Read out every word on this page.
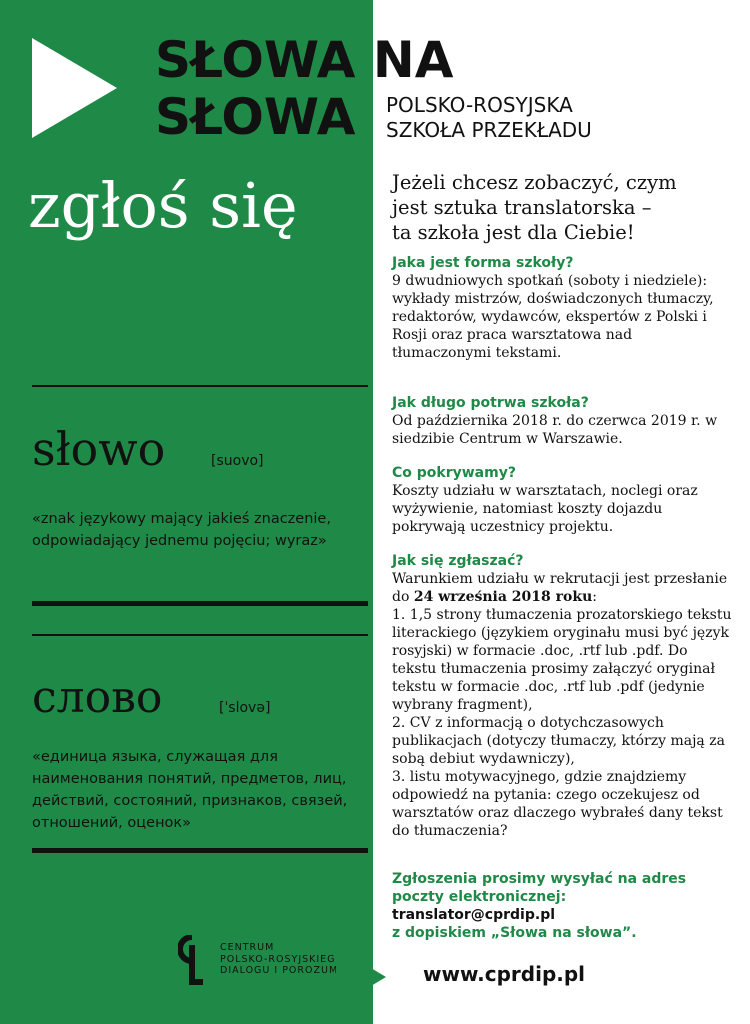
SŁOWA NA
SŁOWA POLSKO-ROSYJSKA
SZKOŁA PRZEKŁADU
zgłoś się
słowo	[suovo]
«znak językowy mający jakieś znaczenie, odpowiadający jednemu pojęciu; wyraz»
слово	[ˈslovə]
«единица языка, служащая для наименования понятий, предметов, лиц, действий, состояний, признаков, связей, отношений, оценок»
Jeżeli chcesz zobaczyć, czym
jest sztuka translatorska –
ta szkoła jest dla Ciebie!
Jaka jest forma szkoły?
9 dwudniowych spotkań (soboty i niedziele): wykłady mistrzów, doświadczonych tłumaczy, redaktorów, wydawców, ekspertów z Polski i Rosji oraz praca warsztatowa nad tłumaczonymi tekstami.
Jak długo potrwa szkoła?
Od października 2018 r. do czerwca 2019 r. w siedzibie Centrum w Warszawie.
Co pokrywamy?
Koszty udziału w warsztatach, noclegi oraz wyżywienie, natomiast koszty dojazdu pokrywają uczestnicy projektu.
Jak się zgłaszać?
Warunkiem udziału w rekrutacji jest przesłanie do 24 września 2018 roku:

1. 1,5 strony tłumaczenia prozatorskiego tekstu literackiego (językiem oryginału musi być język rosyjski) w formacie .doc, .rtf lub .pdf. Do tekstu tłumaczenia prosimy załączyć oryginał tekstu w formacie .doc, .rtf lub .pdf (jedynie wybrany fragment),

2. CV z informacją o dotychczasowych publikacjach (dotyczy tłumaczy, którzy mają za sobą debiut wydawniczy),

3. listu motywacyjnego, gdzie znajdziemy odpowiedź na pytania: czego oczekujesz od warsztatów oraz dlaczego wybrałeś dany tekst do tłumaczenia?

Zgłoszenia prosimy wysyłać na adres
poczty elektronicznej:
translator@cprdip.pl
z dopiskiem „Słowa na słowa”.
CENTRUM
POLSKO-ROSYJSKIEGO
DIALOGU I POROZUMIENIA	www.cprdip.pl
